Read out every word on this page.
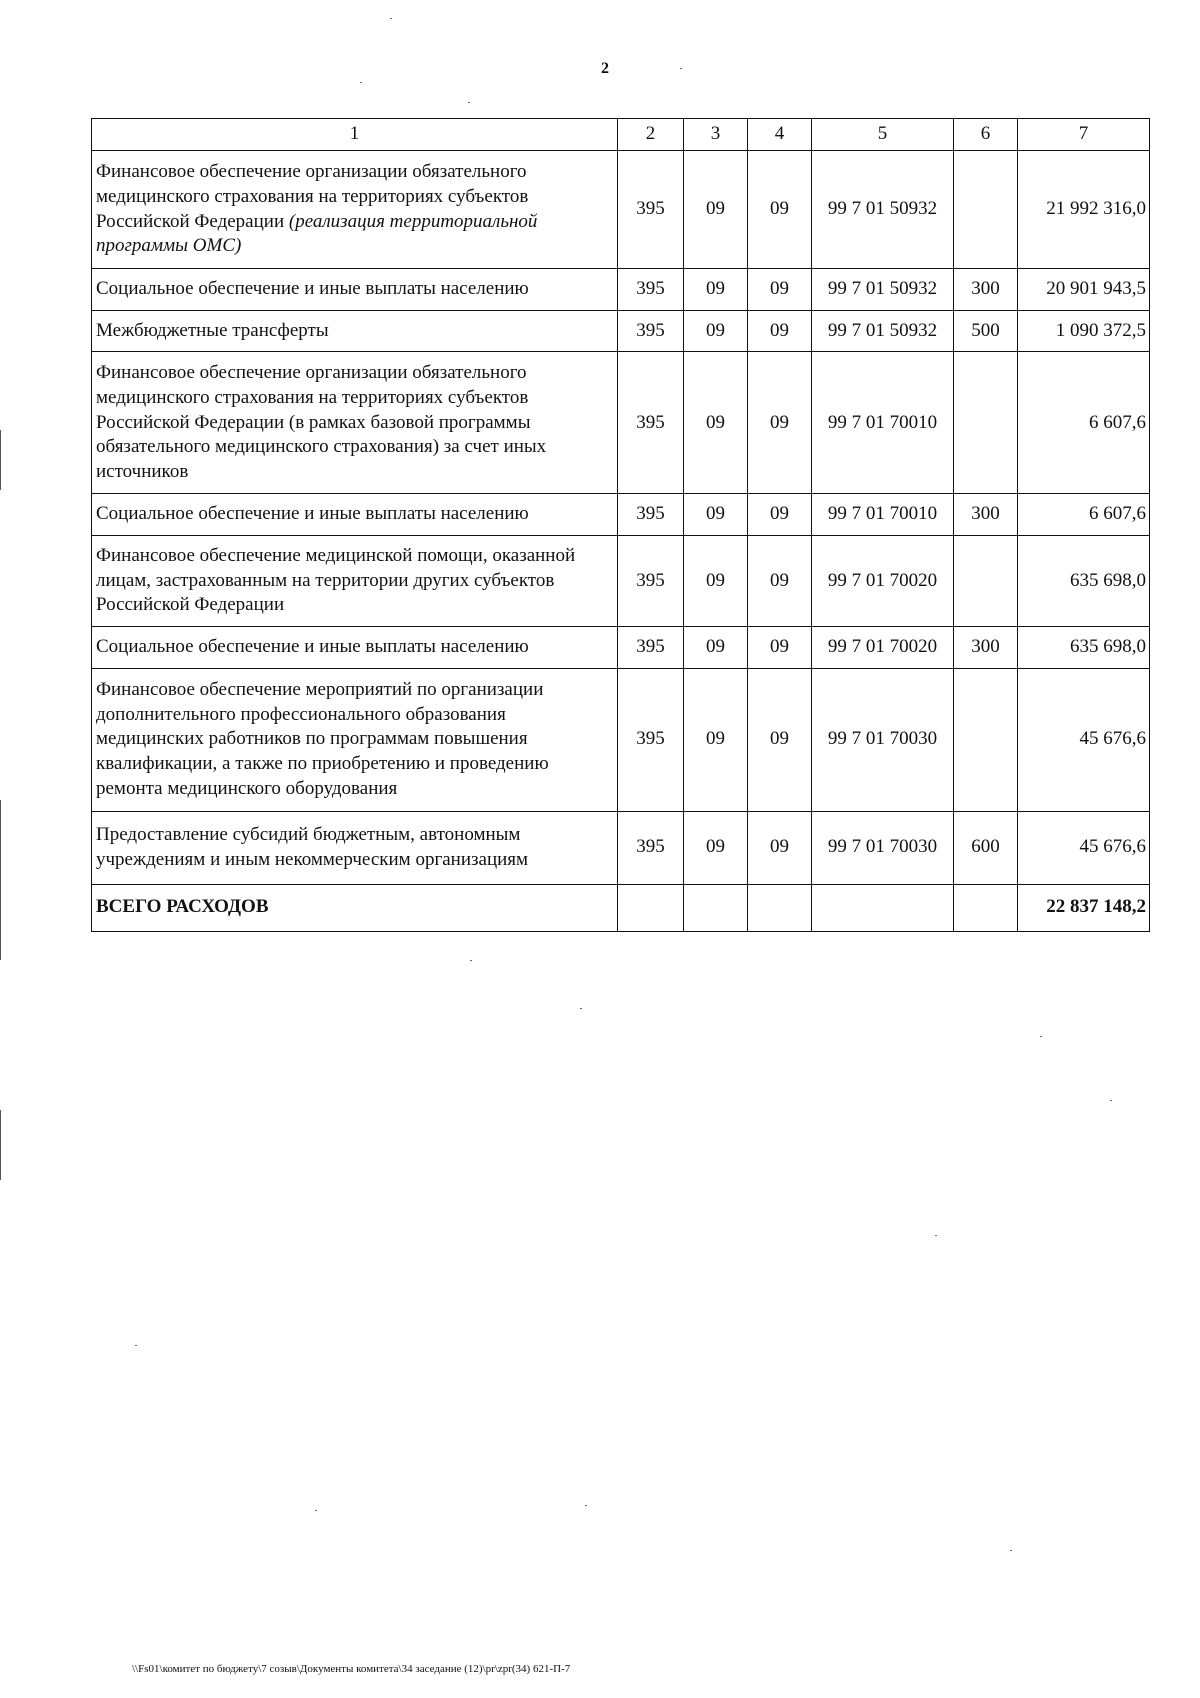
2
1	2	3	4	5	6	7
Финансовое обеспечение организации обязательного медицинского страхования на территориях субъектов Российской Федерации (реализация территориальной программы ОМС)	395	09	09	99 7 01 50932		21 992 316,0
Социальное обеспечение и иные выплаты населению	395	09	09	99 7 01 50932	300	20 901 943,5
Межбюджетные трансферты	395	09	09	99 7 01 50932	500	1 090 372,5
Финансовое обеспечение организации обязательного медицинского страхования на территориях субъектов Российской Федерации (в рамках базовой программы обязательного медицинского страхования) за счет иных источников	395	09	09	99 7 01 70010		6 607,6
Социальное обеспечение и иные выплаты населению	395	09	09	99 7 01 70010	300	6 607,6
Финансовое обеспечение медицинской помощи, оказанной лицам, застрахованным на территории других субъектов Российской Федерации	395	09	09	99 7 01 70020		635 698,0
Социальное обеспечение и иные выплаты населению	395	09	09	99 7 01 70020	300	635 698,0
Финансовое обеспечение мероприятий по организации дополнительного профессионального образования медицинских работников по программам повышения квалификации, а также по приобретению и проведению ремонта медицинского оборудования	395	09	09	99 7 01 70030		45 676,6
Предоставление субсидий бюджетным, автономным учреждениям и иным некоммерческим организациям	395	09	09	99 7 01 70030	600	45 676,6
ВСЕГО РАСХОДОВ						22 837 148,2
\\Fs01\комитет по бюджету\7 созыв\Документы комитета\34 заседание (12)\pr\zpr(34) 621-П-7
